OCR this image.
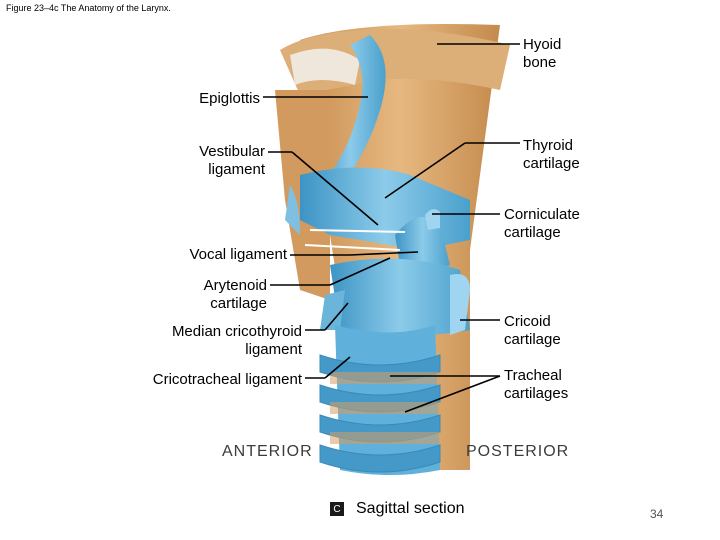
Figure 23–4c The Anatomy of the Larynx.
Hyoid
bone
Epiglottis
Vestibular
ligament
Thyroid
cartilage
Corniculate
cartilage
Vocal ligament
Arytenoid
cartilage
Median cricothyroid
ligament
Cricoid
cartilage
Cricotracheal ligament	Tracheal
cartilages
ANTERIOR	POSTERIOR
C Sagittal section	34
